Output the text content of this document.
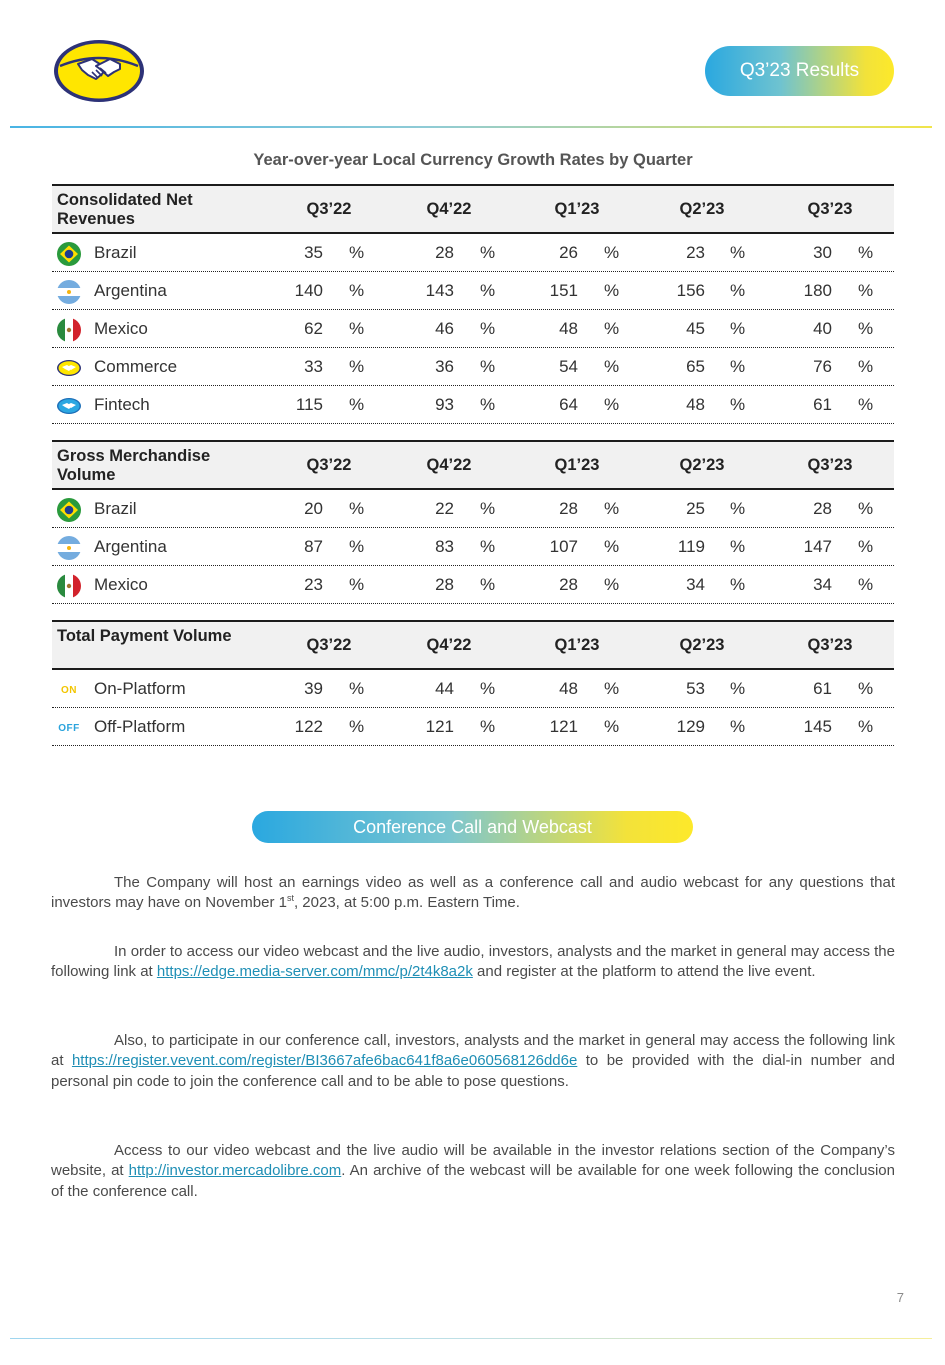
Q3’23 Results
Year-over-year Local Currency Growth Rates by Quarter
Consolidated Net Revenues
Q3’22	Q4’22	Q1’23	Q2’23	Q3’23
Brazil	35 %	28 %	26 %	23 %	30 %
Argentina	140 %	143 %	151 %	156 %	180 %
Mexico	62 %	46 %	48 %	45 %	40 %
Commerce	33 %	36 %	54 %	65 %	76 %
Fintech	115 %	93 %	64 %	48 %	61 %
Gross Merchandise Volume
Q3’22	Q4’22	Q1’23	Q2’23	Q3’23
Brazil	20 %	22 %	28 %	25 %	28 %
Argentina	87 %	83 %	107 %	119 %	147 %
Mexico	23 %	28 %	28 %	34 %	34 %
Total Payment Volume	Q3’22	Q4’22	Q1’23	Q2’23	Q3’23
ON On-Platform	39 %	44 %	48 %	53 %	61 %
OFF Off-Platform	122 %	121 %	121 %	129 %	145 %
Conference Call and Webcast

The Company will host an earnings video as well as a conference call and audio webcast for any questions that investors may have on November 1st, 2023, at 5:00 p.m. Eastern Time.

In order to access our video webcast and the live audio, investors, analysts and the market in general may access the following link at https://edge.media-server.com/mmc/p/2t4k8a2k and register at the platform to attend the live event.

Also, to participate in our conference call, investors, analysts and the market in general may access the following link at https://register.vevent.com/register/BI3667afe6bac641f8a6e060568126dd6e to be provided with the dial-in number and personal pin code to join the conference call and to be able to pose questions.

Access to our video webcast and the live audio will be available in the investor relations section of the Company’s website, at http://investor.mercadolibre.com. An archive of the webcast will be available for one week following the conclusion of the conference call.

7
